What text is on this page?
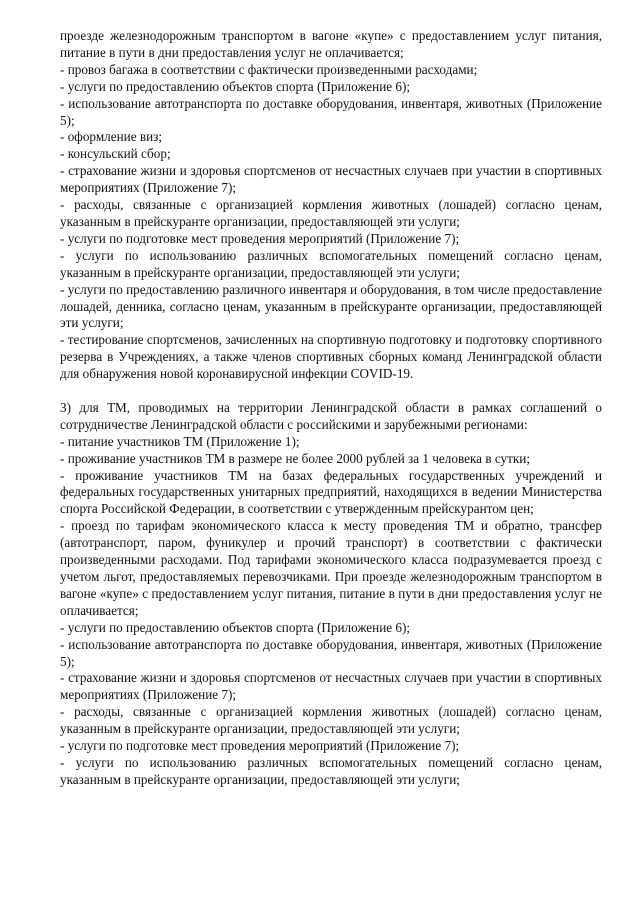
проезде железнодорожным транспортом в вагоне «купе» с предоставлением услуг питания, питание в пути в дни предоставления услуг не оплачивается;

- провоз багажа в соответствии с фактически произведенными расходами;

- услуги по предоставлению объектов спорта (Приложение 6);

- использование автотранспорта по доставке оборудования, инвентаря, животных (Приложение 5);

- оформление виз;

- консульский сбор;

- страхование жизни и здоровья спортсменов от несчастных случаев при участии в спортивных мероприятиях (Приложение 7);

- расходы, связанные с организацией кормления животных (лошадей) согласно ценам, указанным в прейскуранте организации, предоставляющей эти услуги;

- услуги по подготовке мест проведения мероприятий (Приложение 7);

- услуги по использованию различных вспомогательных помещений согласно ценам, указанным в прейскуранте организации, предоставляющей эти услуги;

- услуги по предоставлению различного инвентаря и оборудования, в том числе предоставление лошадей, денника, согласно ценам, указанным в прейскуранте организации, предоставляющей эти услуги;

- тестирование спортсменов, зачисленных на спортивную подготовку и подготовку спортивного резерва в Учреждениях, а также членов спортивных сборных команд Ленинградской области для обнаружения новой коронавирусной инфекции COVID-19.

3) для ТМ, проводимых на территории Ленинградской области в рамках соглашений о сотрудничестве Ленинградской области с российскими и зарубежными регионами:

- питание участников ТМ (Приложение 1);

- проживание участников ТМ в размере не более 2000 рублей за 1 человека в сутки;

- проживание участников ТМ на базах федеральных государственных учреждений и федеральных государственных унитарных предприятий, находящихся в ведении Министерства спорта Российской Федерации, в соответствии с утвержденным прейскурантом цен;

- проезд по тарифам экономического класса к месту проведения ТМ и обратно, трансфер (автотранспорт, паром, фуникулер и прочий транспорт) в соответствии с фактически произведенными расходами. Под тарифами экономического класса подразумевается проезд с учетом льгот, предоставляемых перевозчиками. При проезде железнодорожным транспортом в вагоне «купе» с предоставлением услуг питания, питание в пути в дни предоставления услуг не оплачивается;

- услуги по предоставлению объектов спорта (Приложение 6);

- использование автотранспорта по доставке оборудования, инвентаря, животных (Приложение 5);

- страхование жизни и здоровья спортсменов от несчастных случаев при участии в спортивных мероприятиях (Приложение 7);

- расходы, связанные с организацией кормления животных (лошадей) согласно ценам, указанным в прейскуранте организации, предоставляющей эти услуги;

- услуги по подготовке мест проведения мероприятий (Приложение 7);

- услуги по использованию различных вспомогательных помещений согласно ценам, указанным в прейскуранте организации, предоставляющей эти услуги;
